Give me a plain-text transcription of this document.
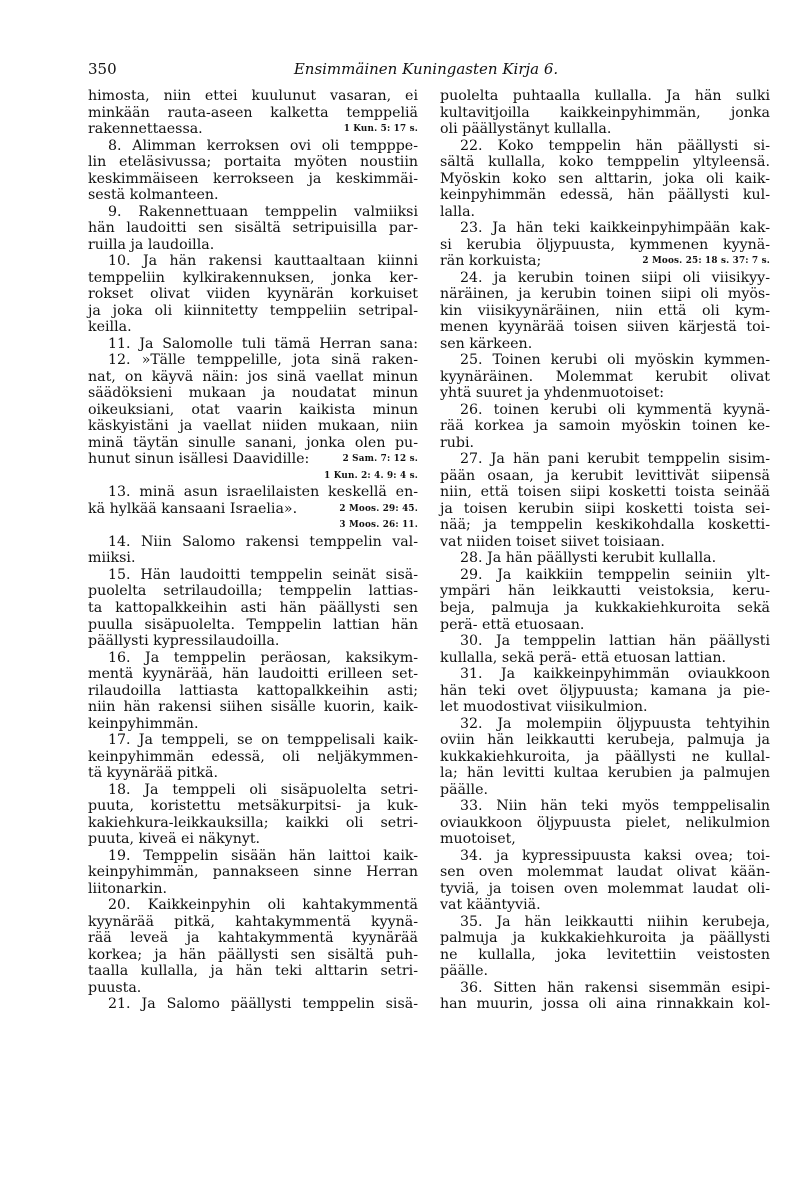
350	Ensimmäinen Kuningasten Kirja 6.
himosta, niin ettei kuulunut vasaran, ei
minkään rauta-aseen kalketta temppeliä
1 Kun. 5: 17 s.
rakennettaessa.
8. Alimman kerroksen ovi oli tempppe-
lin eteläsivussa; portaita myöten noustiin
keskimmäiseen kerrokseen ja keskimmäi-
sestä kolmanteen.
9. Rakennettuaan temppelin valmiiksi
hän laudoitti sen sisältä setripuisilla par-
ruilla ja laudoilla.
10. Ja hän rakensi kauttaaltaan kiinni
temppeliin kylkirakennuksen, jonka ker-
rokset olivat viiden kyynärän korkuiset
ja joka oli kiinnitetty temppeliin setripal-
keilla.
11. Ja Salomolle tuli tämä Herran sana:
12. »Tälle temppelille, jota sinä raken-
nat, on käyvä näin: jos sinä vaellat minun
säädöksieni mukaan ja noudatat minun
oikeuksiani, otat vaarin kaikista minun
käskyistäni ja vaellat niiden mukaan, niin
minä täytän sinulle sanani, jonka olen pu-
2 Sam. 7: 12 s.
hunut sinun isällesi Daavidille:
1 Kun. 2: 4. 9: 4 s.
13. minä asun israelilaisten keskellä en-
2 Moos. 29: 45.
kä hylkää kansaani Israelia».
3 Moos. 26: 11.
14. Niin Salomo rakensi temppelin val-
miiksi.
15. Hän laudoitti temppelin seinät sisä-
puolelta setrilaudoilla; temppelin lattias-
ta kattopalkkeihin asti hän päällysti sen
puulla sisäpuolelta. Temppelin lattian hän
päällysti kypressilaudoilla.
16. Ja temppelin peräosan, kaksikym-
mentä kyynärää, hän laudoitti erilleen set-
rilaudoilla lattiasta kattopalkkeihin asti;
niin hän rakensi siihen sisälle kuorin, kaik-
keinpyhimmän.
17. Ja temppeli, se on temppelisali kaik-
keinpyhimmän edessä, oli neljäkymmen-
tä kyynärää pitkä.
18. Ja temppeli oli sisäpuolelta setri-
puuta, koristettu metsäkurpitsi- ja kuk-
kakiehkura-leikkauksilla; kaikki oli setri-
puuta, kiveä ei näkynyt.
19. Temppelin sisään hän laittoi kaik-
keinpyhimmän, pannakseen sinne Herran
liitonarkin.
20. Kaikkeinpyhin oli kahtakymmentä
kyynärää pitkä, kahtakymmentä kyynä-
rää leveä ja kahtakymmentä kyynärää
korkea; ja hän päällysti sen sisältä puh-
taalla kullalla, ja hän teki alttarin setri-
puusta.
21. Ja Salomo päällysti temppelin sisä-
puolelta puhtaalla kullalla. Ja hän sulki
kultavitjoilla kaikkeinpyhimmän, jonka
oli päällystänyt kullalla.
22. Koko temppelin hän päällysti si-
sältä kullalla, koko temppelin yltyleensä.
Myöskin koko sen alttarin, joka oli kaik-
keinpyhimmän edessä, hän päällysti kul-
lalla.
23. Ja hän teki kaikkeinpyhimpään kak-
si kerubia öljypuusta, kymmenen kyynä-
2 Moos. 25: 18 s. 37: 7 s.
rän korkuista;
24. ja kerubin toinen siipi oli viisikyy-
näräinen, ja kerubin toinen siipi oli myös-
kin viisikyynäräinen, niin että oli kym-
menen kyynärää toisen siiven kärjestä toi-
sen kärkeen.
25. Toinen kerubi oli myöskin kymmen-
kyynäräinen. Molemmat kerubit olivat
yhtä suuret ja yhdenmuotoiset:
26. toinen kerubi oli kymmentä kyynä-
rää korkea ja samoin myöskin toinen ke-
rubi.
27. Ja hän pani kerubit temppelin sisim-
pään osaan, ja kerubit levittivät siipensä
niin, että toisen siipi kosketti toista seinää
ja toisen kerubin siipi kosketti toista sei-
nää; ja temppelin keskikohdalla kosketti-
vat niiden toiset siivet toisiaan.
28. Ja hän päällysti kerubit kullalla.
29. Ja kaikkiin temppelin seiniin ylt-
ympäri hän leikkautti veistoksia, keru-
beja, palmuja ja kukkakiehkuroita sekä
perä- että etuosaan.
30. Ja temppelin lattian hän päällysti
kullalla, sekä perä- että etuosan lattian.
31. Ja kaikkeinpyhimmän oviaukkoon
hän teki ovet öljypuusta; kamana ja pie-
let muodostivat viisikulmion.
32. Ja molempiin öljypuusta tehtyihin
oviin hän leikkautti kerubeja, palmuja ja
kukkakiehkuroita, ja päällysti ne kullal-
la; hän levitti kultaa kerubien ja palmujen
päälle.
33. Niin hän teki myös temppelisalin
oviaukkoon öljypuusta pielet, nelikulmion
muotoiset,
34. ja kypressipuusta kaksi ovea; toi-
sen oven molemmat laudat olivat kään-
tyviä, ja toisen oven molemmat laudat oli-
vat kääntyviä.
35. Ja hän leikkautti niihin kerubeja,
palmuja ja kukkakiehkuroita ja päällysti
ne kullalla, joka levitettiin veistosten
päälle.
36. Sitten hän rakensi sisemmän esipi-
han muurin, jossa oli aina rinnakkain kol-
